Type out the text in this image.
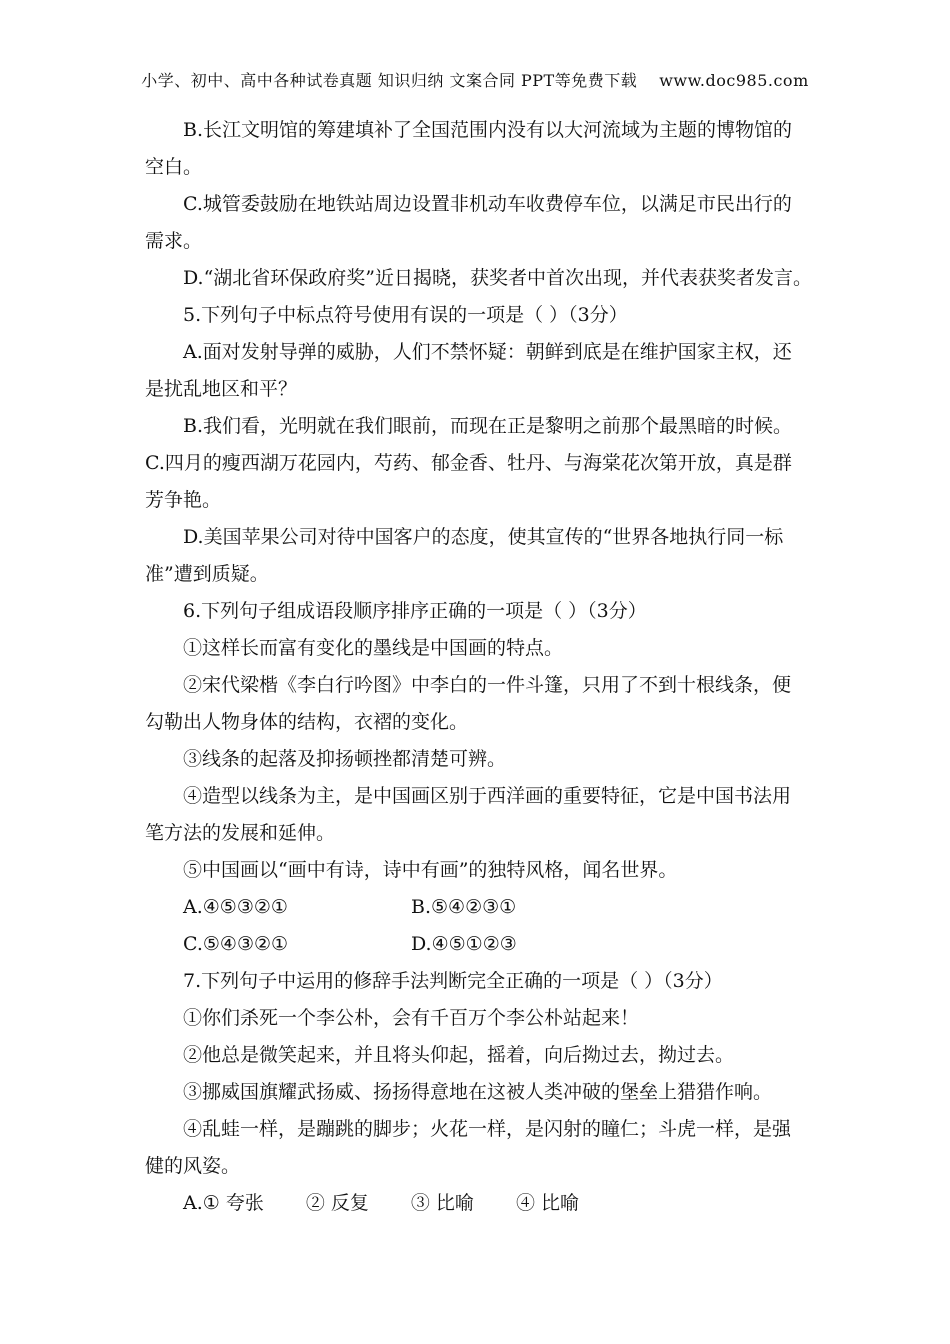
小学、初中、高中各种试卷真题 知识归纳 文案合同 PPT等免费下载 www.doc985.com
B.长江文明馆的筹建填补了全国范围内没有以大河流域为主题的博物馆的
空白。
C.城管委鼓励在地铁站周边设置非机动车收费停车位，以满足市民出行的
需求。
D.“湖北省环保政府奖”近日揭晓，获奖者中首次出现，并代表获奖者发言。
5.下列句子中标点符号使用有误的一项是（ ）（3分）
A.面对发射导弹的威胁，人们不禁怀疑：朝鲜到底是在维护国家主权，还
是扰乱地区和平？
B.我们看，光明就在我们眼前，而现在正是黎明之前那个最黑暗的时候。
C.四月的瘦西湖万花园内，芍药、郁金香、牡丹、与海棠花次第开放，真是群
芳争艳。
D.美国苹果公司对待中国客户的态度，使其宣传的“世界各地执行同一标
准”遭到质疑。
6.下列句子组成语段顺序排序正确的一项是（ ）（3分）
①这样长而富有变化的墨线是中国画的特点。
②宋代梁楷《李白行吟图》中李白的一件斗篷，只用了不到十根线条，便
勾勒出人物身体的结构，衣褶的变化。
③线条的起落及抑扬顿挫都清楚可辨。
④造型以线条为主，是中国画区别于西洋画的重要特征，它是中国书法用
笔方法的发展和延伸。
⑤中国画以“画中有诗，诗中有画”的独特风格，闻名世界。
A.④⑤③②①	B.⑤④②③①
C.⑤④③②①	D.④⑤①②③
7.下列句子中运用的修辞手法判断完全正确的一项是（ ）（3分）
①你们杀死一个李公朴，会有千百万个李公朴站起来！
②他总是微笑起来，并且将头仰起，摇着，向后拗过去，拗过去。
③挪威国旗耀武扬威、扬扬得意地在这被人类冲破的堡垒上猎猎作响。
④乱蛙一样，是蹦跳的脚步；火花一样，是闪射的瞳仁；斗虎一样，是强
健的风姿。
A.① 夸张 ② 反复 ③ 比喻 ④ 比喻
